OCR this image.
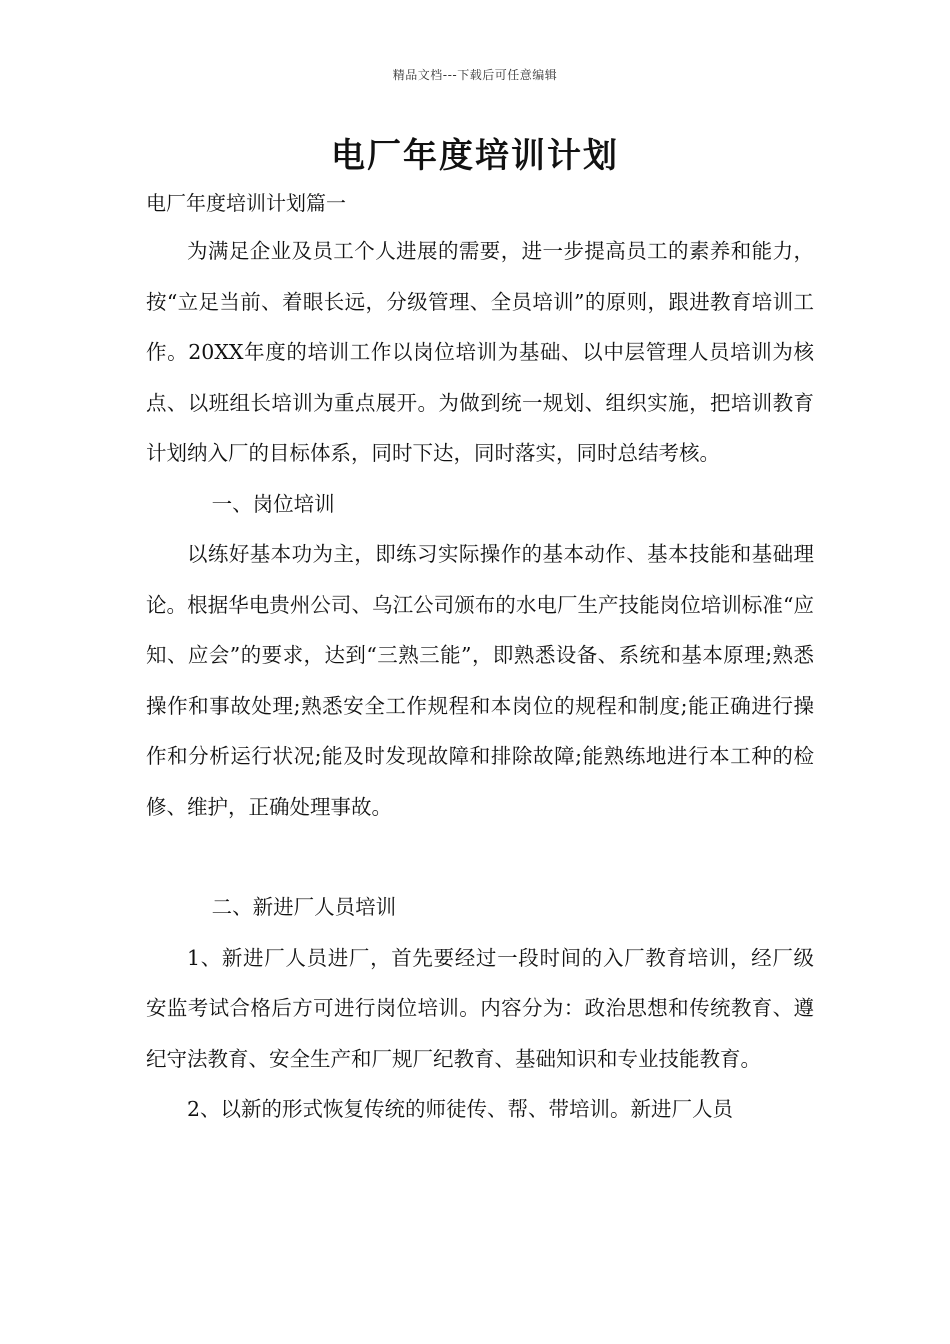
精品文档---下载后可任意编辑
电厂年度培训计划
电厂年度培训计划篇一

为满足企业及员工个人进展的需要，进一步提高员工的素养和能力，按“立足当前、着眼长远，分级管理、全员培训”的原则，跟进教育培训工作。20XX年度的培训工作以岗位培训为基础、以中层管理人员培训为核点、以班组长培训为重点展开。为做到统一规划、组织实施，把培训教育计划纳入厂的目标体系，同时下达，同时落实，同时总结考核。

一、岗位培训

以练好基本功为主，即练习实际操作的基本动作、基本技能和基础理论。根据华电贵州公司、乌江公司颁布的水电厂生产技能岗位培训标准“应知、应会”的要求，达到“三熟三能”，即熟悉设备、系统和基本原理;熟悉操作和事故处理;熟悉安全工作规程和本岗位的规程和制度;能正确进行操作和分析运行状况;能及时发现故障和排除故障;能熟练地进行本工种的检修、维护，正确处理事故。

二、新进厂人员培训

1、新进厂人员进厂，首先要经过一段时间的入厂教育培训，经厂级安监考试合格后方可进行岗位培训。内容分为：政治思想和传统教育、遵纪守法教育、安全生产和厂规厂纪教育、基础知识和专业技能教育。

2、以新的形式恢复传统的师徒传、帮、带培训。新进厂人员
